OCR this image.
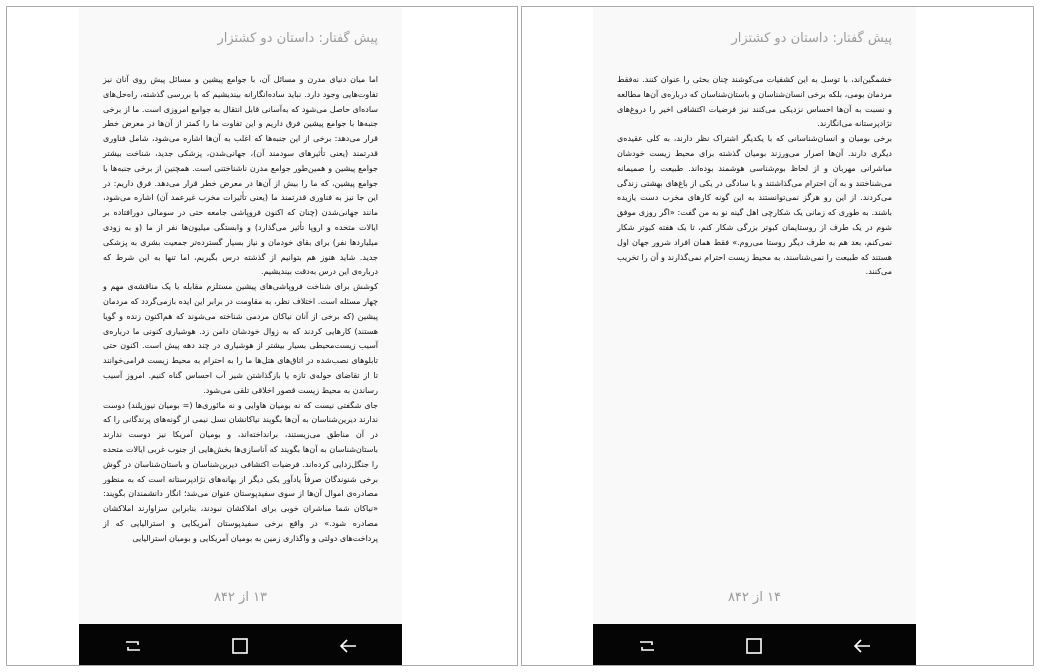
پیش گفتار: داستان دو کشتزار

اما میان دنیای مدرن و مسائل آن، با جوامع پیشین و مسائل پیش روی آنان نیز تفاوت‌هایی وجود دارد. نباید ساده‌انگارانه بیندیشیم که با بررسی گذشته، راه‌حل‌های ساده‌ای حاصل می‌شود که به‌آسانی قابل انتقال به جوامع امروزی است. ما از برخی جنبه‌ها با جوامع پیشین فرق داریم و این تفاوت ما را کمتر از آن‌ها در معرض خطر قرار می‌دهد: برخی از این جنبه‌ها که اغلب به آن‌ها اشاره می‌شود، شامل فناوری قدرتمند (یعنی تأثیرهای سودمند آن)، جهانی‌شدن، پزشکی جدید، شناخت بیشتر جوامع پیشین و همین‌طور جوامع مدرن ناشناختنی است. همچنین از برخی جنبه‌ها با جوامع پیشین، که ما را بیش از آن‌ها در معرض خطر قرار می‌دهد. فرق داریم: در این جا نیز به فناوری قدرتمند ما (یعنی تأثیرات مخرب غیرعمد آن) اشاره می‌شود، مانند جهانی‌شدن (چنان که اکنون فروپاشی جامعه حتی در سومالی دورافتاده بر ایالات متحده و اروپا تأثیر می‌گذارد) و وابستگی میلیون‌ها نفر از ما (و به زودی میلیاردها نفر) برای بقای خودمان و نیاز بسیار گسترده‌تر جمعیت بشری به پزشکی جدید. شاید هنوز هم بتوانیم از گذشته درس بگیریم، اما تنها به این شرط که درباره‌ی این درس به‌دقت بیندیشیم.

کوشش برای شناخت فروپاشی‌های پیشین مستلزم مقابله با یک مناقشه‌ی مهم و چهار مسئله است. اختلاف نظر، به مقاومت در برابر این ایده بازمی‌گردد که مردمان پیشین (که برخی از آنان نیاکان مردمی شناخته می‌شوند که هم‌اکنون زنده و گویا هستند) کارهایی کردند که به زوال خودشان دامن زد. هوشیاری کنونی ما درباره‌ی آسیب زیست‌محیطی بسیار بیشتر از هوشیاری در چند دهه پیش است. اکنون حتی تابلوهای نصب‌شده در اتاق‌های هتل‌ها ما را به احترام به محیط زیست فرامی‌خوانند تا از تقاضای حوله‌ی تازه یا بازگذاشتن شیر آب احساس گناه کنیم. امروز آسیب رساندن به محیط زیست قصور اخلاقی تلقی می‌شود.

جای شگفتی نیست که نه بومیان هاوایی و نه مائوری‌ها (= بومیان نیوزیلند) دوست ندارند دیرین‌شناسان به آن‌ها بگویند نیاکانشان نسل نیمی از گونه‌های پرندگانی را که در آن مناطق می‌زیستند، برانداخته‌اند، و بومیان آمریکا نیز دوست ندارند باستان‌شناسان به آن‌ها بگویند که آناسازی‌ها بخش‌هایی از جنوب غربی ایالات متحده را جنگل‌زدایی کرده‌اند. فرضیات اکتشافی دیرین‌شناسان و باستان‌شناسان در گوش برخی شنوندگان صرفاً یادآور یکی دیگر از بهانه‌های نژادپرستانه است که به منظور مصادره‌ی اموال آن‌ها از سوی سفیدپوستان عنوان می‌شد؛ انگار دانشمندان بگویند: «نیاکان شما مباشران خوبی برای املاکشان نبودند، بنابراین سزاوارند املاکشان مصادره شود.» در واقع برخی سفیدپوستان آمریکایی و استرالیایی که از پرداخت‌های دولتی و واگذاری زمین به بومیان آمریکایی و بومیان استرالیایی

۱۳ از ۸۴۲
پیش گفتار: داستان دو کشتزار

خشمگین‌اند، با توسل به این کشفیات می‌کوشند چنان بحثی را عنوان کنند. نه‌فقط مردمان بومی، بلکه برخی انسان‌شناسان و باستان‌شناسان که درباره‌ی آن‌ها مطالعه و نسبت به آن‌ها احساس نزدیکی می‌کنند نیز فرضیات اکتشافی اخیر را دروغ‌های نژادپرستانه می‌انگارند.

برخی بومیان و انسان‌شناسانی که با یکدیگر اشتراک نظر دارند، به کلی عقیده‌ی دیگری دارند. آن‌ها اصرار می‌ورزند بومیان گذشته برای محیط زیست خودشان مباشرانی مهربان و از لحاظ بوم‌شناسی هوشمند بوده‌اند. طبیعت را صمیمانه می‌شناختند و به آن احترام می‌گذاشتند و با سادگی در یکی از باغ‌های بهشتی زندگی می‌کردند. از این رو هرگز نمی‌توانستند به این گونه کارهای مخرب دست یازیده باشند. به طوری که زمانی یک شکارچی اهل گینه نو به من گفت: «اگر روزی موفق شوم در یک طرف از روستایمان کبوتر بزرگی شکار کنم، تا یک هفته کبوتر شکار نمی‌کنم، بعد هم به طرف دیگر روستا می‌روم.» فقط همان افراد شرور جهان اول هستند که طبیعت را نمی‌شناسند، به محیط زیست احترام نمی‌گذارند و آن را تخریب می‌کنند.

۱۴ از ۸۴۲
